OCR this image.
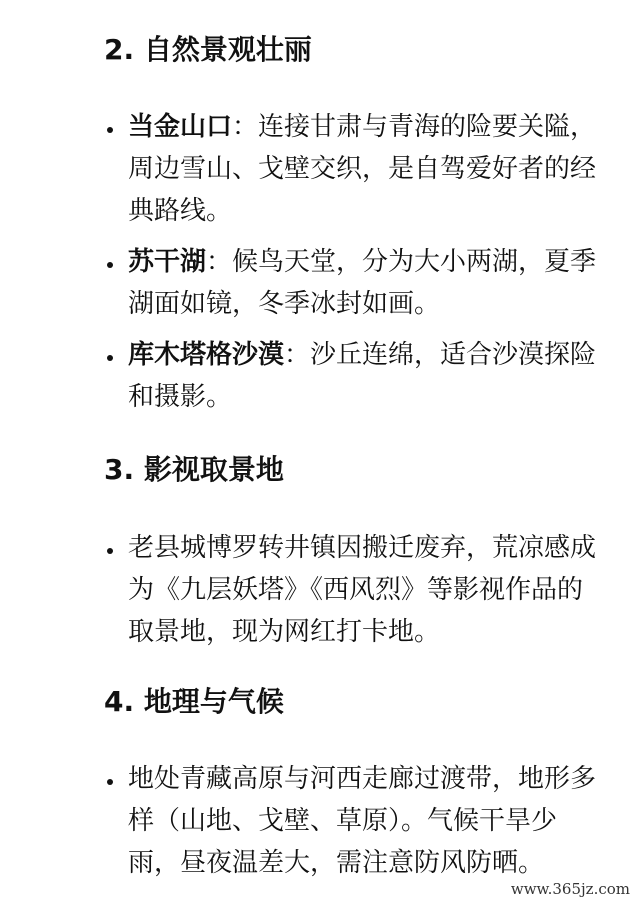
2. 自然景观壮丽
当金山口：连接甘肃与青海的险要关隘，周边雪山、戈壁交织，是自驾爱好者的经典路线。
苏干湖：候鸟天堂，分为大小两湖，夏季湖面如镜，冬季冰封如画。
库木塔格沙漠：沙丘连绵，适合沙漠探险和摄影。
3. 影视取景地
老县城博罗转井镇因搬迁废弃，荒凉感成为《九层妖塔》《西风烈》等影视作品的取景地，现为网红打卡地。
4. 地理与气候
地处青藏高原与河西走廊过渡带，地形多样（山地、戈壁、草原）。气候干旱少雨，昼夜温差大，需注意防风防晒。
www.365jz.com
